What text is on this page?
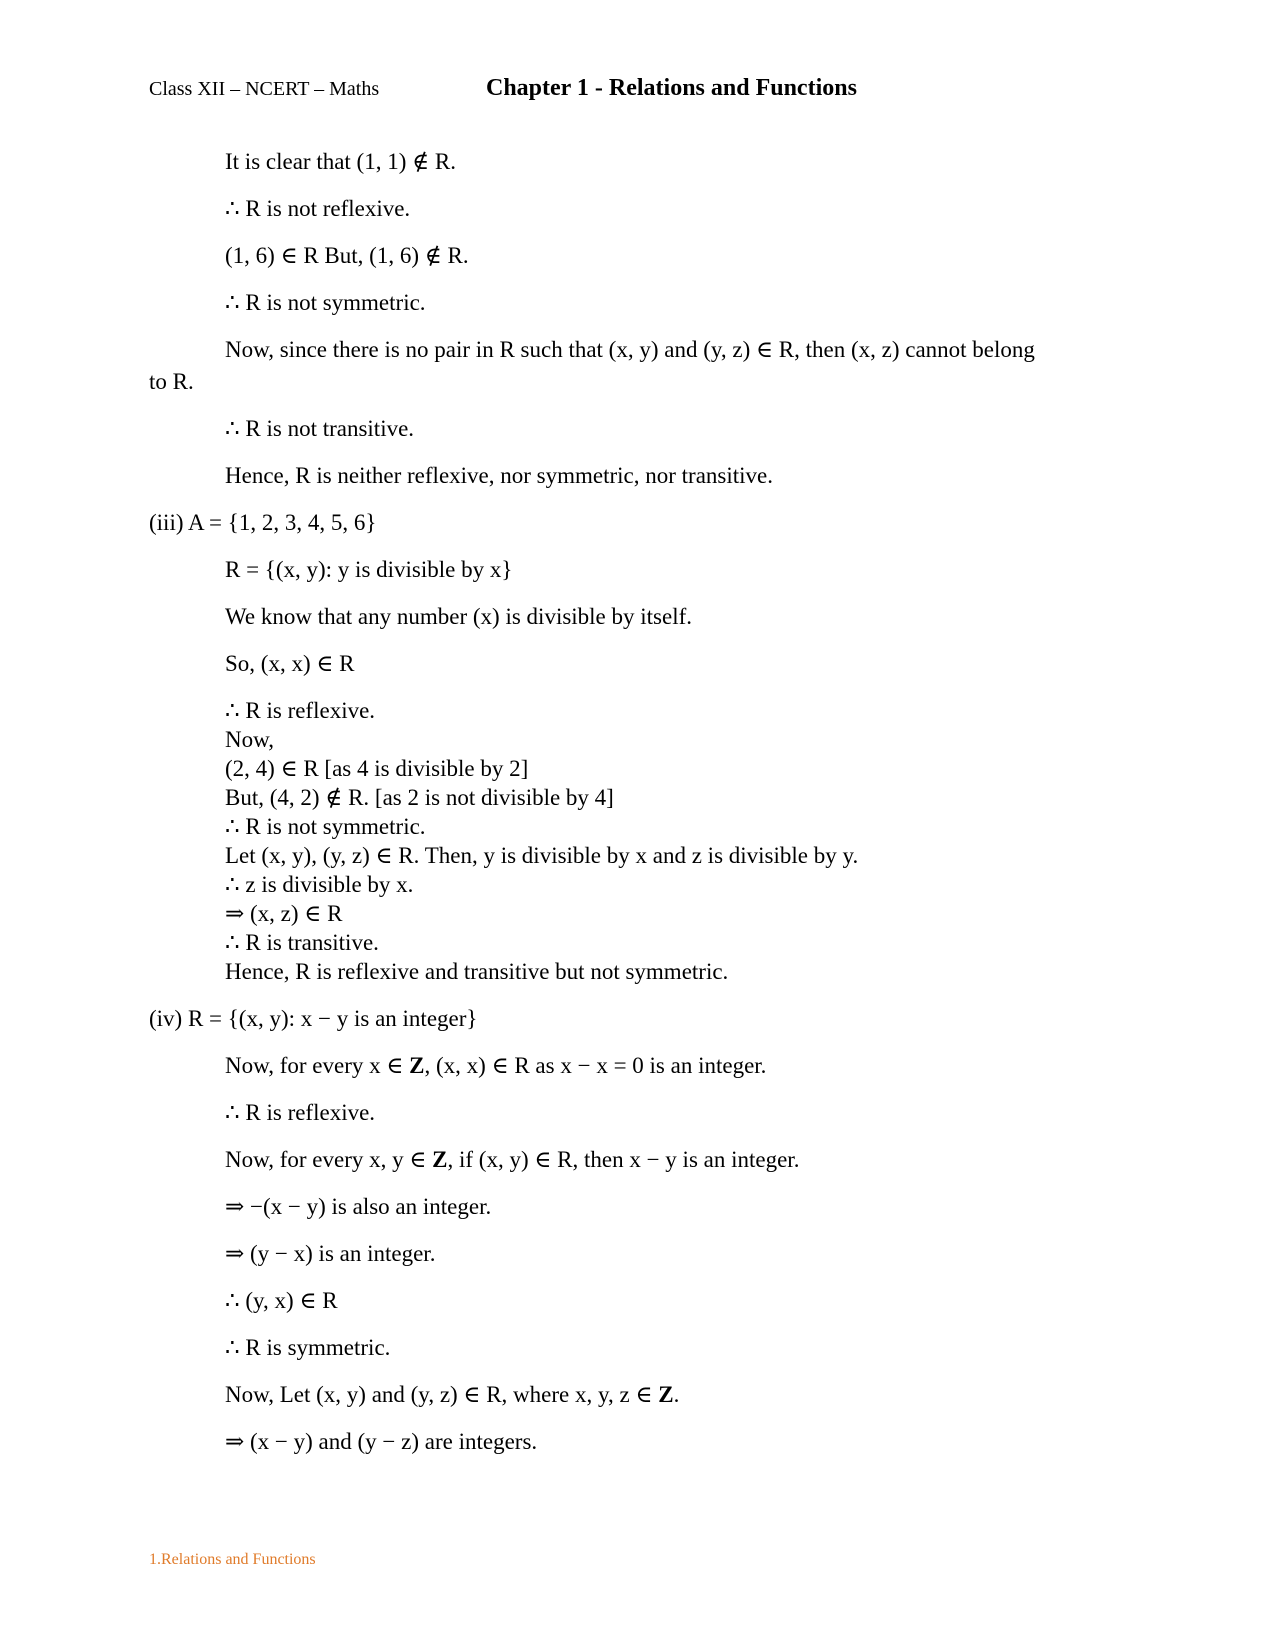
Class XII – NCERT – Maths	Chapter 1 - Relations and Functions
It is clear that (1, 1) ∉ R.
∴ R is not reflexive.
(1, 6) ∈ R But, (1, 6) ∉ R.
∴ R is not symmetric.
Now, since there is no pair in R such that (x, y) and (y, z) ∈ R, then (x, z) cannot belong
to R.
∴ R is not transitive.
Hence, R is neither reflexive, nor symmetric, nor transitive.
(iii) A = {1, 2, 3, 4, 5, 6}
R = {(x, y): y is divisible by x}
We know that any number (x) is divisible by itself.
So, (x, x) ∈ R
∴ R is reflexive.
Now,
(2, 4) ∈ R [as 4 is divisible by 2]
But, (4, 2) ∉ R. [as 2 is not divisible by 4]
∴ R is not symmetric.
Let (x, y), (y, z) ∈ R. Then, y is divisible by x and z is divisible by y.
∴ z is divisible by x.
⇒ (x, z) ∈ R
∴ R is transitive.
Hence, R is reflexive and transitive but not symmetric.
(iv) R = {(x, y): x − y is an integer}
Now, for every x ∈ Z, (x, x) ∈ R as x − x = 0 is an integer.
∴ R is reflexive.
Now, for every x, y ∈ Z, if (x, y) ∈ R, then x − y is an integer.
⇒ −(x − y) is also an integer.
⇒ (y − x) is an integer.
∴ (y, x) ∈ R
∴ R is symmetric.
Now, Let (x, y) and (y, z) ∈ R, where x, y, z ∈ Z.
⇒ (x − y) and (y − z) are integers.
1.Relations and Functions
